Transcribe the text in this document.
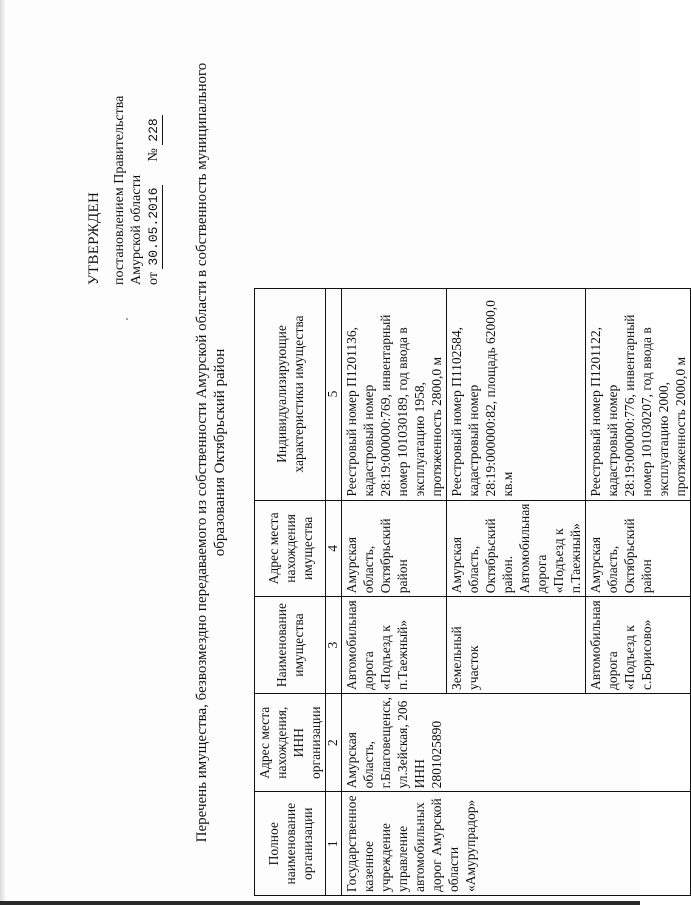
УТВЕРЖДЕН постановлением Правительства Амурской области от 30.05.2016  № 228 Перечень имущества, безвозмездно передаваемого из собственности Амурской области в собственность муниципального образования Октябрьский район
Полное наименование организации	Адрес места нахождения, ИНН организации	Наименование имущества	Адрес места нахождения имущества	Индивидуализирующие характеристики имущества
1	2	3	4	5
Государственное казенное учреждение управление автомобильных дорог Амурской области «Амурупрадор»	Амурская область, г.Благовещенск, ул.Зейская, 206 ИНН 2801025890	Автомобильная дорога «Подъезд к п.Таежный»	Амурская область, Октябрьский район	Реестровый номер П1201136, кадастровый номер 28:19:000000:769, инвентарный номер 101030189, год ввода в эксплуатацию 1958, протяженность 2800,0 м
		Земельный участок	Амурская область, Октябрьский район. Автомобильная дорога «Подъезд к п.Таежный»	Реестровый номер П1102584, кадастровый номер 28:19:000000:82, площадь 62000,0 кв.м
		Автомобильная дорога «Подъезд к с.Борисово»	Амурская область, Октябрьский район	Реестровый номер П1201122, кадастровый номер 28:19:000000:776, инвентарный номер 101030207, год ввода в эксплуатацию 2000, протяженность 2000,0 м
